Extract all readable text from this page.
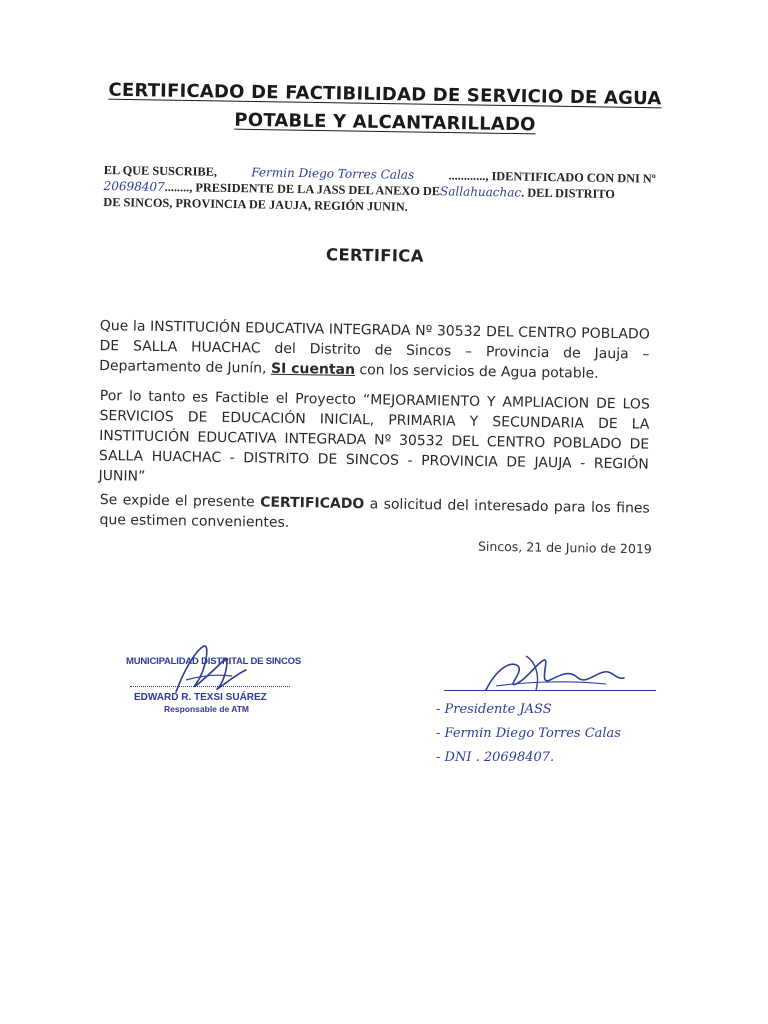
CERTIFICADO DE FACTIBILIDAD DE SERVICIO DE AGUA
POTABLE Y ALCANTARILLADO
EL QUE SUSCRIBE,	Fermin Diego Torres Calas	............, IDENTIFICADO CON DNI Nº
20698407 ........, PRESIDENTE DE LA JASS DEL ANEXO DE Sallahuachac . DEL DISTRITO
DE SINCOS, PROVINCIA DE JAUJA, REGIÓN JUNIN.
CERTIFICA
Que la INSTITUCIÓN EDUCATIVA INTEGRADA Nº 30532 DEL CENTRO POBLADO DE SALLA HUACHAC del Distrito de Sincos – Provincia de Jauja – Departamento de Junín, SI cuentan con los servicios de Agua potable.
Por lo tanto es Factible el Proyecto “MEJORAMIENTO Y AMPLIACION DE LOS SERVICIOS DE EDUCACIÓN INICIAL, PRIMARIA Y SECUNDARIA DE LA INSTITUCIÓN EDUCATIVA INTEGRADA Nº 30532 DEL CENTRO POBLADO DE SALLA HUACHAC - DISTRITO DE SINCOS - PROVINCIA DE JAUJA - REGIÓN JUNIN”
Se expide el presente CERTIFICADO a solicitud del interesado para los fines que estimen convenientes.
Sincos, 21 de Junio de 2019
MUNICIPALIDAD DISTRITAL DE SINCOS
EDWARD R. TEXSI SUÁREZ
Responsable de ATM	- Presidente JASS
- Fermin Diego Torres Calas
- DNI . 20698407.
